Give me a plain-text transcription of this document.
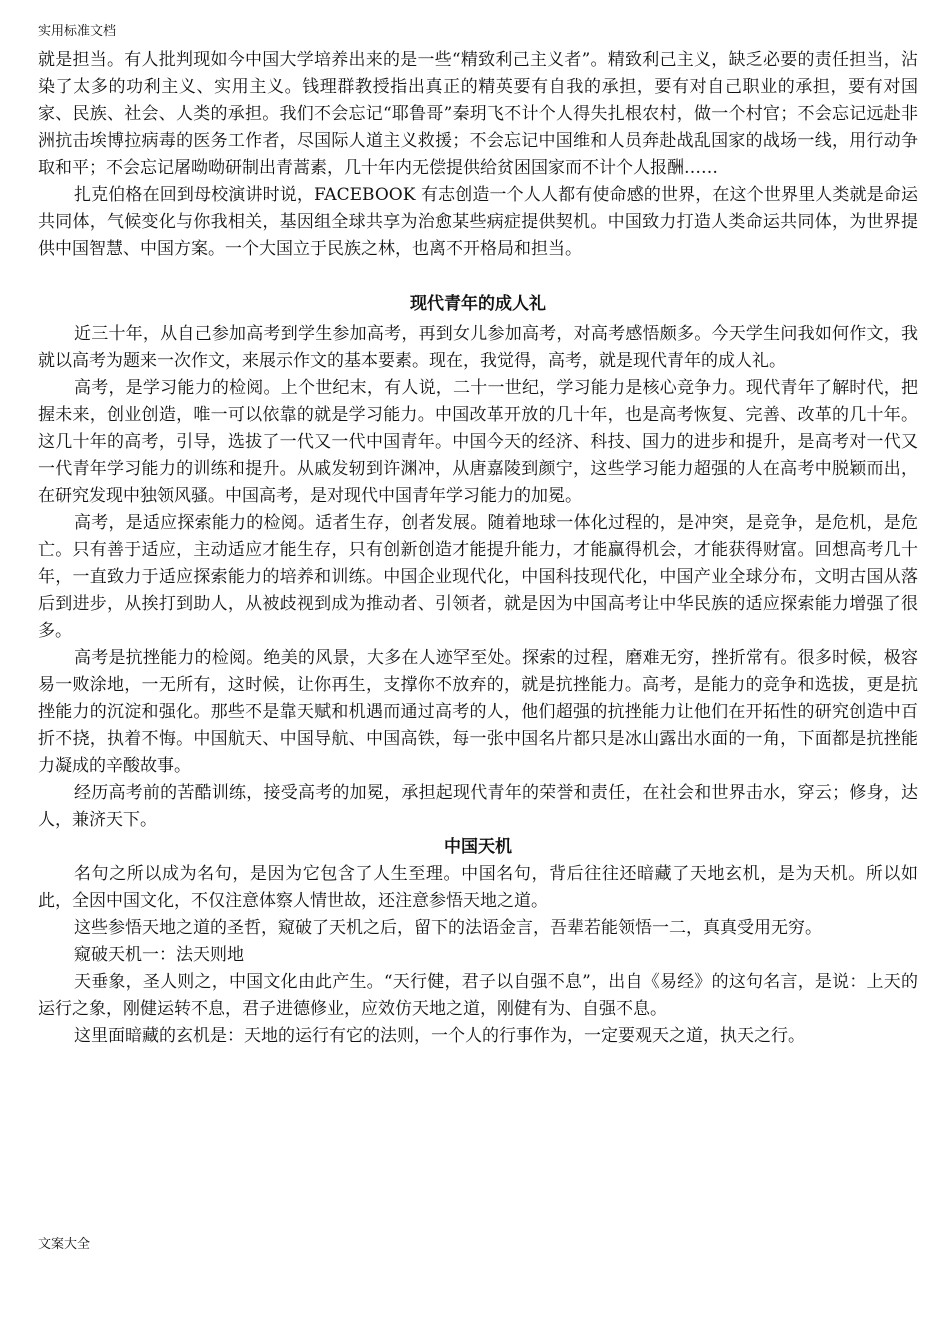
实用标准文档

就是担当。有人批判现如今中国大学培养出来的是一些“精致利己主义者”。精致利己主义，缺乏必要的责任担当，沾染了太多的功利主义、实用主义。钱理群教授指出真正的精英要有自我的承担，要有对自己职业的承担，要有对国家、民族、社会、人类的承担。我们不会忘记“耶鲁哥”秦玥飞不计个人得失扎根农村，做一个村官；不会忘记远赴非洲抗击埃博拉病毒的医务工作者，尽国际人道主义救援；不会忘记中国维和人员奔赴战乱国家的战场一线，用行动争取和平；不会忘记屠呦呦研制出青蒿素，几十年内无偿提供给贫困国家而不计个人报酬……

扎克伯格在回到母校演讲时说，FACEBOOK 有志创造一个人人都有使命感的世界，在这个世界里人类就是命运共同体，气候变化与你我相关，基因组全球共享为治愈某些病症提供契机。中国致力打造人类命运共同体，为世界提供中国智慧、中国方案。一个大国立于民族之林，也离不开格局和担当。

现代青年的成人礼

近三十年，从自己参加高考到学生参加高考，再到女儿参加高考，对高考感悟颇多。今天学生问我如何作文，我就以高考为题来一次作文，来展示作文的基本要素。现在，我觉得，高考，就是现代青年的成人礼。

高考，是学习能力的检阅。上个世纪末，有人说，二十一世纪，学习能力是核心竞争力。现代青年了解时代，把握未来，创业创造，唯一可以依靠的就是学习能力。中国改革开放的几十年，也是高考恢复、完善、改革的几十年。这几十年的高考，引导，选拔了一代又一代中国青年。中国今天的经济、科技、国力的进步和提升，是高考对一代又一代青年学习能力的训练和提升。从戚发轫到许渊冲，从唐嘉陵到颜宁，这些学习能力超强的人在高考中脱颖而出，在研究发现中独领风骚。中国高考，是对现代中国青年学习能力的加冕。

高考，是适应探索能力的检阅。适者生存，创者发展。随着地球一体化过程的，是冲突，是竞争，是危机，是危亡。只有善于适应，主动适应才能生存，只有创新创造才能提升能力，才能赢得机会，才能获得财富。回想高考几十年，一直致力于适应探索能力的培养和训练。中国企业现代化，中国科技现代化，中国产业全球分布，文明古国从落后到进步，从挨打到助人，从被歧视到成为推动者、引领者，就是因为中国高考让中华民族的适应探索能力增强了很多。

高考是抗挫能力的检阅。绝美的风景，大多在人迹罕至处。探索的过程，磨难无穷，挫折常有。很多时候，极容易一败涂地，一无所有，这时候，让你再生，支撑你不放弃的，就是抗挫能力。高考，是能力的竞争和选拔，更是抗挫能力的沉淀和强化。那些不是靠天赋和机遇而通过高考的人，他们超强的抗挫能力让他们在开拓性的研究创造中百折不挠，执着不悔。中国航天、中国导航、中国高铁，每一张中国名片都只是冰山露出水面的一角，下面都是抗挫能力凝成的辛酸故事。

经历高考前的苦酷训练，接受高考的加冕，承担起现代青年的荣誉和责任，在社会和世界击水，穿云；修身，达人，兼济天下。

中国天机

名句之所以成为名句，是因为它包含了人生至理。中国名句，背后往往还暗藏了天地玄机，是为天机。所以如此，全因中国文化，不仅注意体察人情世故，还注意参悟天地之道。

这些参悟天地之道的圣哲，窥破了天机之后，留下的法语金言，吾辈若能领悟一二，真真受用无穷。

窥破天机一：法天则地

天垂象，圣人则之，中国文化由此产生。“天行健，君子以自强不息”，出自《易经》的这句名言，是说：上天的运行之象，刚健运转不息，君子进德修业，应效仿天地之道，刚健有为、自强不息。

这里面暗藏的玄机是：天地的运行有它的法则，一个人的行事作为，一定要观天之道，执天之行。

文案大全
